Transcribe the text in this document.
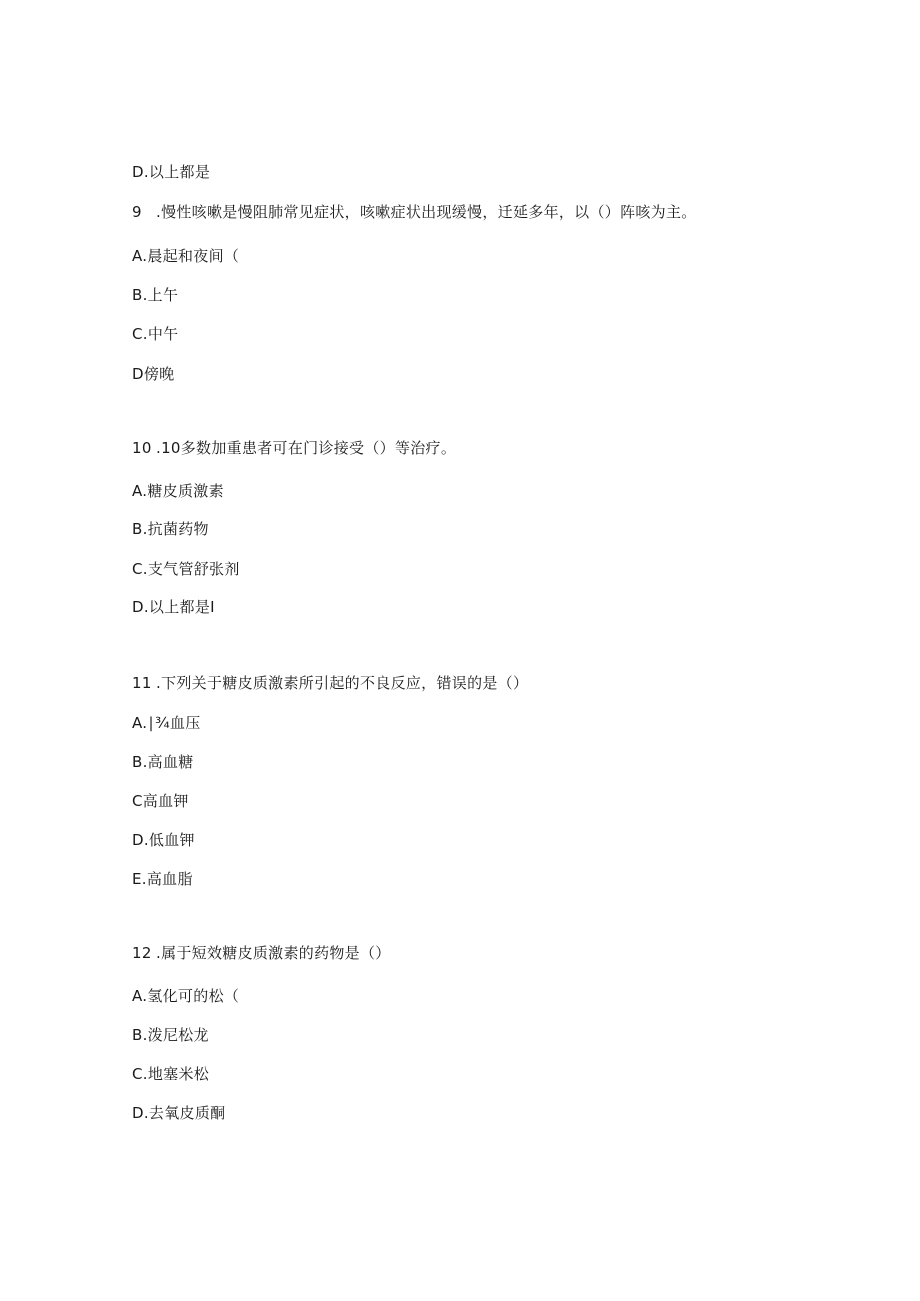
D.以上都是
9 .慢性咳嗽是慢阻肺常见症状，咳嗽症状出现缓慢，迁延多年，以（）阵咳为主。
A.晨起和夜间（
B.上午
C.中午
D傍晚
10 .10多数加重患者可在门诊接受（）等治疗。
A.糖皮质激素
B.抗菌药物
C.支气管舒张剂
D.以上都是I
11 .下列关于糖皮质激素所引起的不良反应，错误的是（）
A.∣¾血压
B.高血糖
C高血钾
D.低血钾
E.高血脂
12 .属于短效糖皮质激素的药物是（）
A.氢化可的松（
B.泼尼松龙
C.地塞米松
D.去氧皮质酮
